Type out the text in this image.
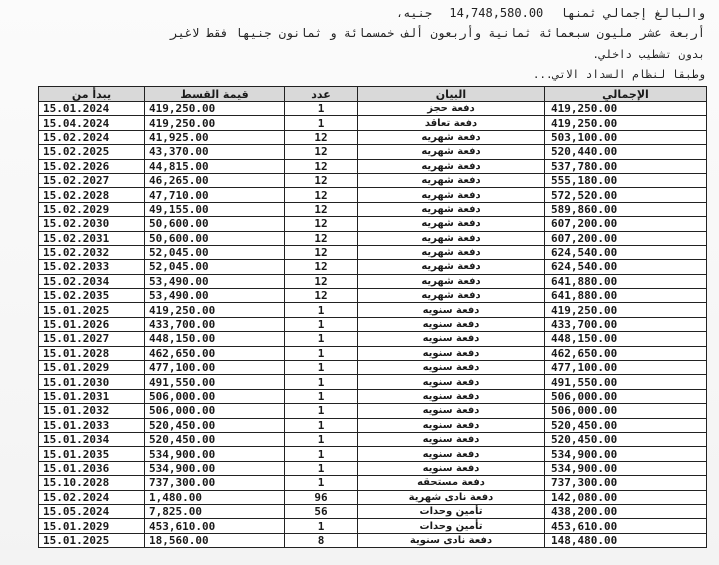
والبالغ إجمالي ثمنها 14,748,580.00 جنيه،
أربعة عشر مليون سبعمائة ثمانية وأربعون ألف خمسمائة و ثمانون جنيها فقط لاغير
بدون تشطيب داخلي.
وطبقا لنظام السداد الاتي...
يبدأ من	قيمة القسط	عدد	البيان	الإجمالي
15.01.2024	419,250.00	1	دفعة حجز	419,250.00
15.04.2024	419,250.00	1	دفعة تعاقد	419,250.00
15.02.2024	41,925.00	12	دفعة شهريه	503,100.00
15.02.2025	43,370.00	12	دفعة شهريه	520,440.00
15.02.2026	44,815.00	12	دفعة شهريه	537,780.00
15.02.2027	46,265.00	12	دفعة شهريه	555,180.00
15.02.2028	47,710.00	12	دفعة شهريه	572,520.00
15.02.2029	49,155.00	12	دفعة شهريه	589,860.00
15.02.2030	50,600.00	12	دفعة شهريه	607,200.00
15.02.2031	50,600.00	12	دفعة شهريه	607,200.00
15.02.2032	52,045.00	12	دفعة شهريه	624,540.00
15.02.2033	52,045.00	12	دفعة شهريه	624,540.00
15.02.2034	53,490.00	12	دفعة شهريه	641,880.00
15.02.2035	53,490.00	12	دفعة شهريه	641,880.00
15.01.2025	419,250.00	1	دفعة سنويه	419,250.00
15.01.2026	433,700.00	1	دفعة سنويه	433,700.00
15.01.2027	448,150.00	1	دفعة سنويه	448,150.00
15.01.2028	462,650.00	1	دفعة سنويه	462,650.00
15.01.2029	477,100.00	1	دفعة سنويه	477,100.00
15.01.2030	491,550.00	1	دفعة سنويه	491,550.00
15.01.2031	506,000.00	1	دفعة سنويه	506,000.00
15.01.2032	506,000.00	1	دفعة سنويه	506,000.00
15.01.2033	520,450.00	1	دفعة سنويه	520,450.00
15.01.2034	520,450.00	1	دفعة سنويه	520,450.00
15.01.2035	534,900.00	1	دفعة سنويه	534,900.00
15.01.2036	534,900.00	1	دفعة سنويه	534,900.00
15.10.2028	737,300.00	1	دفعة مستحقه	737,300.00
15.02.2024	1,480.00	96	دفعة نادى شهرية	142,080.00
15.05.2024	7,825.00	56	تأمين وحدات	438,200.00
15.01.2029	453,610.00	1	تأمين وحدات	453,610.00
15.01.2025	18,560.00	8	دفعة نادى سنوية	148,480.00
